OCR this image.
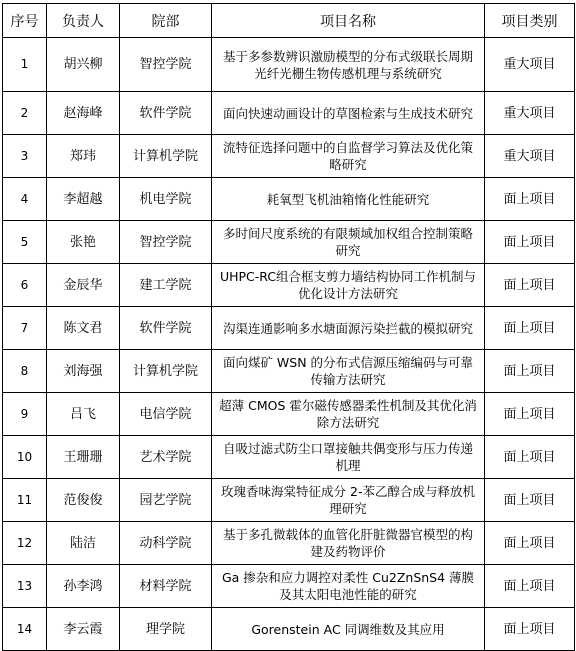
序号	负责人	院部	项目名称	项目类别
1	胡兴柳	智控学院	基于多参数辨识激励模型的分布式级联长周期光纤光栅生物传感机理与系统研究	重大项目
2	赵海峰	软件学院	面向快速动画设计的草图检索与生成技术研究	重大项目
3	郑玮	计算机学院	流特征选择问题中的自监督学习算法及优化策略研究	重大项目
4	李超越	机电学院	耗氧型飞机油箱惰化性能研究	面上项目
5	张艳	智控学院	多时间尺度系统的有限频域加权组合控制策略研究	面上项目
6	金辰华	建工学院	UHPC-RC组合框支剪力墙结构协同工作机制与优化设计方法研究	面上项目
7	陈文君	软件学院	沟渠连通影响多水塘面源污染拦截的模拟研究	面上项目
8	刘海强	计算机学院	面向煤矿 WSN 的分布式信源压缩编码与可靠传输方法研究	面上项目
9	吕飞	电信学院	超薄 CMOS 霍尔磁传感器柔性机制及其优化消除方法研究	面上项目
10	王珊珊	艺术学院	自吸过滤式防尘口罩接触共偶变形与压力传递机理	面上项目
11	范俊俊	园艺学院	玫瑰香味海棠特征成分 2-苯乙醇合成与释放机理研究	面上项目
12	陆洁	动科学院	基于多孔微载体的血管化肝脏微器官模型的构建及药物评价	面上项目
13	孙李鸿	材料学院	Ga 掺杂和应力调控对柔性 Cu2ZnSnS4 薄膜及其太阳电池性能的研究	面上项目
14	李云霞	理学院	Gorenstein AC 同调维数及其应用	面上项目
